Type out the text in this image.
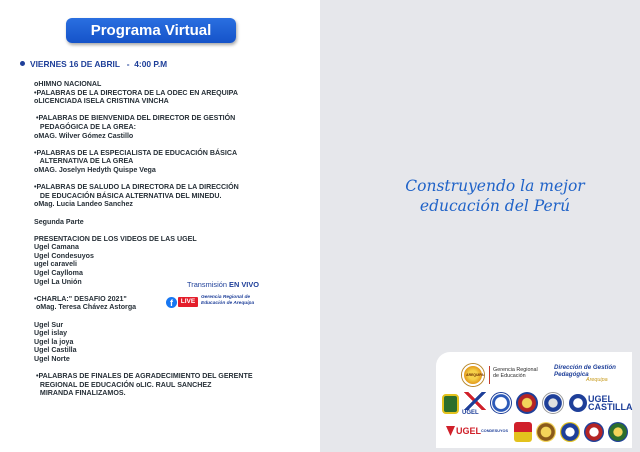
Programa Virtual
VIERNES 16 DE ABRIL   -  4:00 P.M
oHIMNO NACIONAL
•PALABRAS DE LA DIRECTORA DE LA ODEC EN AREQUIPA
oLICENCIADA ISELA CRISTINA VINCHA
•PALABRAS DE BIENVENIDA DEL DIRECTOR DE GESTIÓN
PEDAGÓGICA DE LA GREA:
oMAG. Wilver Gómez Castillo
•PALABRAS DE LA ESPECIALISTA DE EDUCACIÓN BÁSICA
ALTERNATIVA DE LA GREA
oMAG. Joselyn Hedyth Quispe Vega
•PALABRAS DE SALUDO LA DIRECTORA DE LA DIRECCIÓN
DE EDUCACIÓN BÁSICA ALTERNATIVA DEL MINEDU.
oMag. Lucia Landeo Sanchez
Segunda Parte
PRESENTACION DE LOS VIDEOS DE LAS UGEL
Ugel Camana
Ugel Condesuyos
ugel caraveli
Ugel Caylloma
Ugel La Unión
•CHARLA:" DESAFIO 2021"
oMag. Teresa Chávez Astorga
Ugel Sur
Ugel islay
Ugel la joya
Ugel Castilla
Ugel Norte
•PALABRAS DE FINALES DE AGRADECIMIENTO DEL GERENTE
REGIONAL DE EDUCACIÓN oLIC. RAUL SANCHEZ
MIRANDA FINALIZAMOS.
Transmisión EN VIVO
f	LIVE
Gerencia Regional de
Educación de Arequipa
Construyendo la mejor educación del Perú
AREQUIPA
Gerencia Regional
de Educación
Dirección de Gestión
Pedagógica
Arequipa
UGEL
UGEL
CASTILLA
UGEL CONDESUYOS
